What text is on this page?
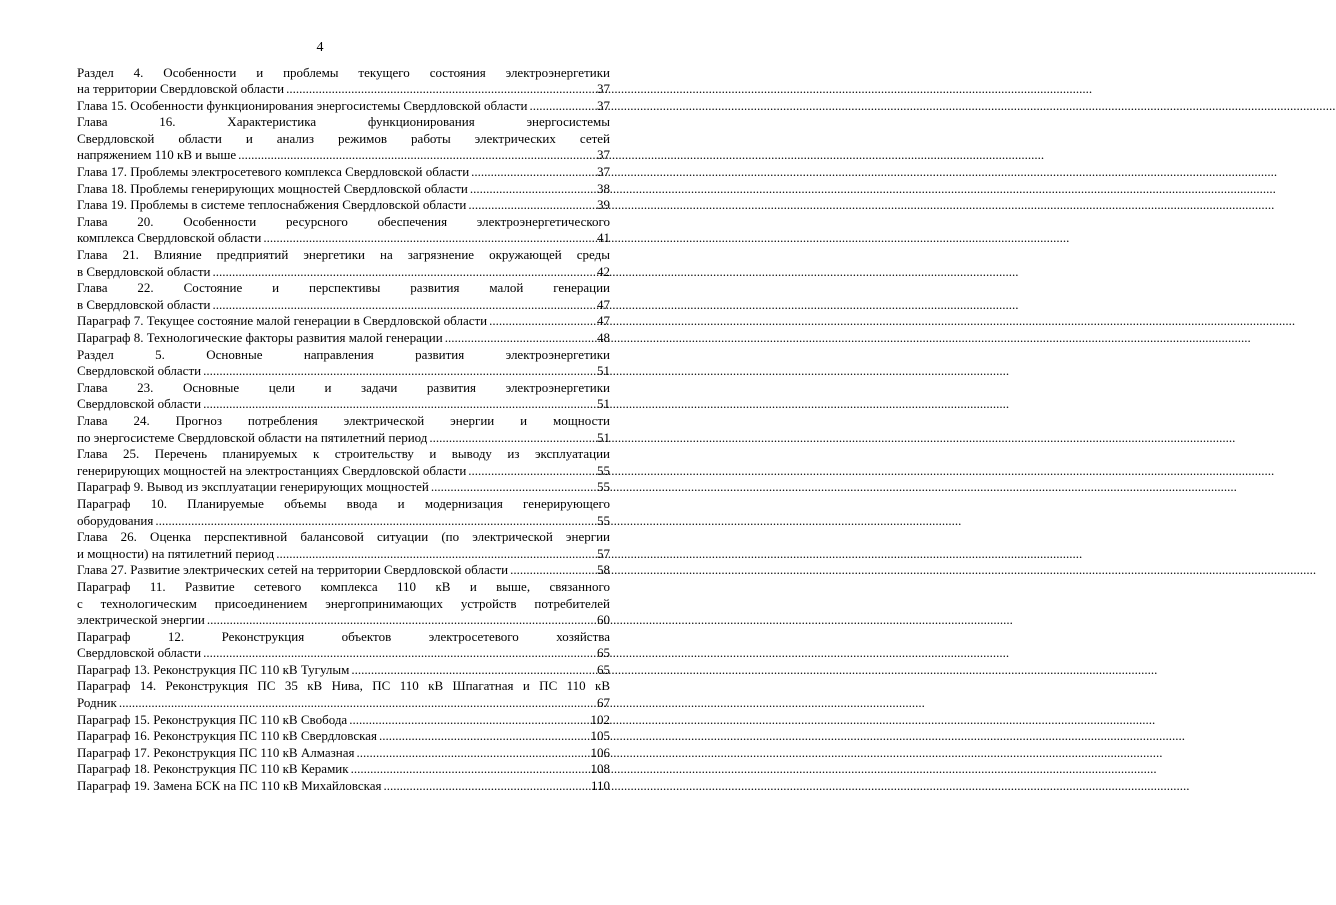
4
Раздел 4. Особенности и проблемы текущего состояния электроэнергетики
на территории Свердловской области .....	37
Глава 15. Особенности функционирования энергосистемы Свердловской области .....	37
Глава 16. Характеристика функционирования энергосистемы
Свердловской области и анализ режимов работы электрических сетей
напряжением 110 кВ и выше .....	37
Глава 17. Проблемы электросетевого комплекса Свердловской области .....	37
Глава 18. Проблемы генерирующих мощностей Свердловской области .....	38
Глава 19. Проблемы в системе теплоснабжения Свердловской области .....	39
Глава 20. Особенности ресурсного обеспечения электроэнергетического
комплекса Свердловской области .....	41
Глава 21. Влияние предприятий энергетики на загрязнение окружающей среды
в Свердловской области .....	42
Глава 22. Состояние и перспективы развития малой генерации
в Свердловской области .....	47
Параграф 7. Текущее состояние малой генерации в Свердловской области .....	47
Параграф 8. Технологические факторы развития малой генерации .....	48
Раздел 5. Основные направления развития электроэнергетики
Свердловской области .....	51
Глава 23. Основные цели и задачи развития электроэнергетики
Свердловской области .....	51
Глава 24. Прогноз потребления электрической энергии и мощности
по энергосистеме Свердловской области на пятилетний период .....	51
Глава 25. Перечень планируемых к строительству и выводу из эксплуатации
генерирующих мощностей на электростанциях Свердловской области .....	55
Параграф 9. Вывод из эксплуатации генерирующих мощностей .....	55
Параграф 10. Планируемые объемы ввода и модернизация генерирующего
оборудования .....	55
Глава 26. Оценка перспективной балансовой ситуации (по электрической энергии
и мощности) на пятилетний период .....	57
Глава 27. Развитие электрических сетей на территории Свердловской области .....	58
Параграф 11. Развитие сетевого комплекса 110 кВ и выше, связанного
с технологическим присоединением энергопринимающих устройств потребителей
электрической энергии .....	60
Параграф 12. Реконструкция объектов электросетевого хозяйства
Свердловской области .....	65
Параграф 13. Реконструкция ПС 110 кВ Тугулым .....	65
Параграф 14. Реконструкция ПС 35 кВ Нива, ПС 110 кВ Шпагатная и ПС 110 кВ
Родник .....	67
Параграф 15. Реконструкция ПС 110 кВ Свобода .....	102
Параграф 16. Реконструкция ПС 110 кВ Свердловская .....	105
Параграф 17. Реконструкция ПС 110 кВ Алмазная .....	106
Параграф 18. Реконструкция ПС 110 кВ Керамик .....	108
Параграф 19. Замена БСК на ПС 110 кВ Михайловская .....	110
